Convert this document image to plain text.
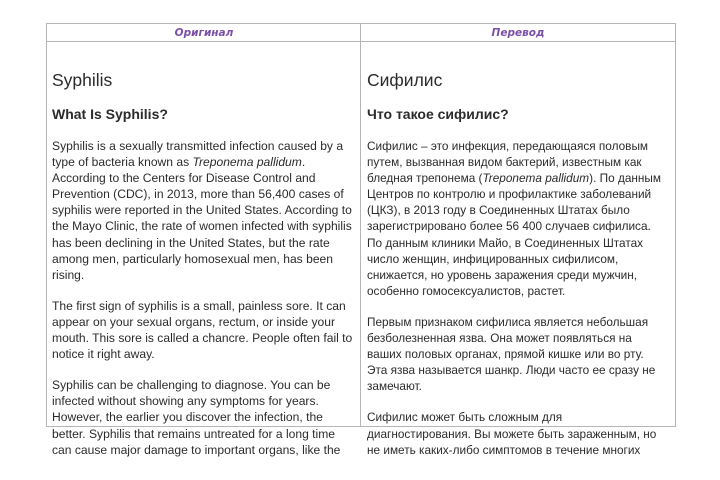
Оригинал	Перевод
Syphilis
What Is Syphilis?

Syphilis is a sexually transmitted infection caused by a type of bacteria known as Treponema pallidum. According to the Centers for Disease Control and Prevention (CDC), in 2013, more than 56,400 cases of syphilis were reported in the United States. According to the Mayo Clinic, the rate of women infected with syphilis has been declining in the United States, but the rate among men, particularly homosexual men, has been rising.

The first sign of syphilis is a small, painless sore. It can appear on your sexual organs, rectum, or inside your mouth. This sore is called a chancre. People often fail to notice it right away.

Syphilis can be challenging to diagnose. You can be infected without showing any symptoms for years. However, the earlier you discover the infection, the better. Syphilis that remains untreated for a long time can cause major damage to important organs, like the

Сифилис
Что такое сифилис?

Сифилис – это инфекция, передающаяся половым путем, вызванная видом бактерий, известным как бледная трепонема (Treponema pallidum). По данным Центров по контролю и профилактике заболеваний (ЦКЗ), в 2013 году в Соединенных Штатах было зарегистрировано более 56 400 случаев сифилиса. По данным клиники Майо, в Соединенных Штатах число женщин, инфицированных сифилисом, снижается, но уровень заражения среди мужчин, особенно гомосексуалистов, растет.

Первым признаком сифилиса является небольшая безболезненная язва. Она может появляться на ваших половых органах, прямой кишке или во рту. Эта язва называется шанкр. Люди часто ее сразу не замечают.

Сифилис может быть сложным для диагностирования. Вы можете быть зараженным, но не иметь каких-либо симптомов в течение многих
